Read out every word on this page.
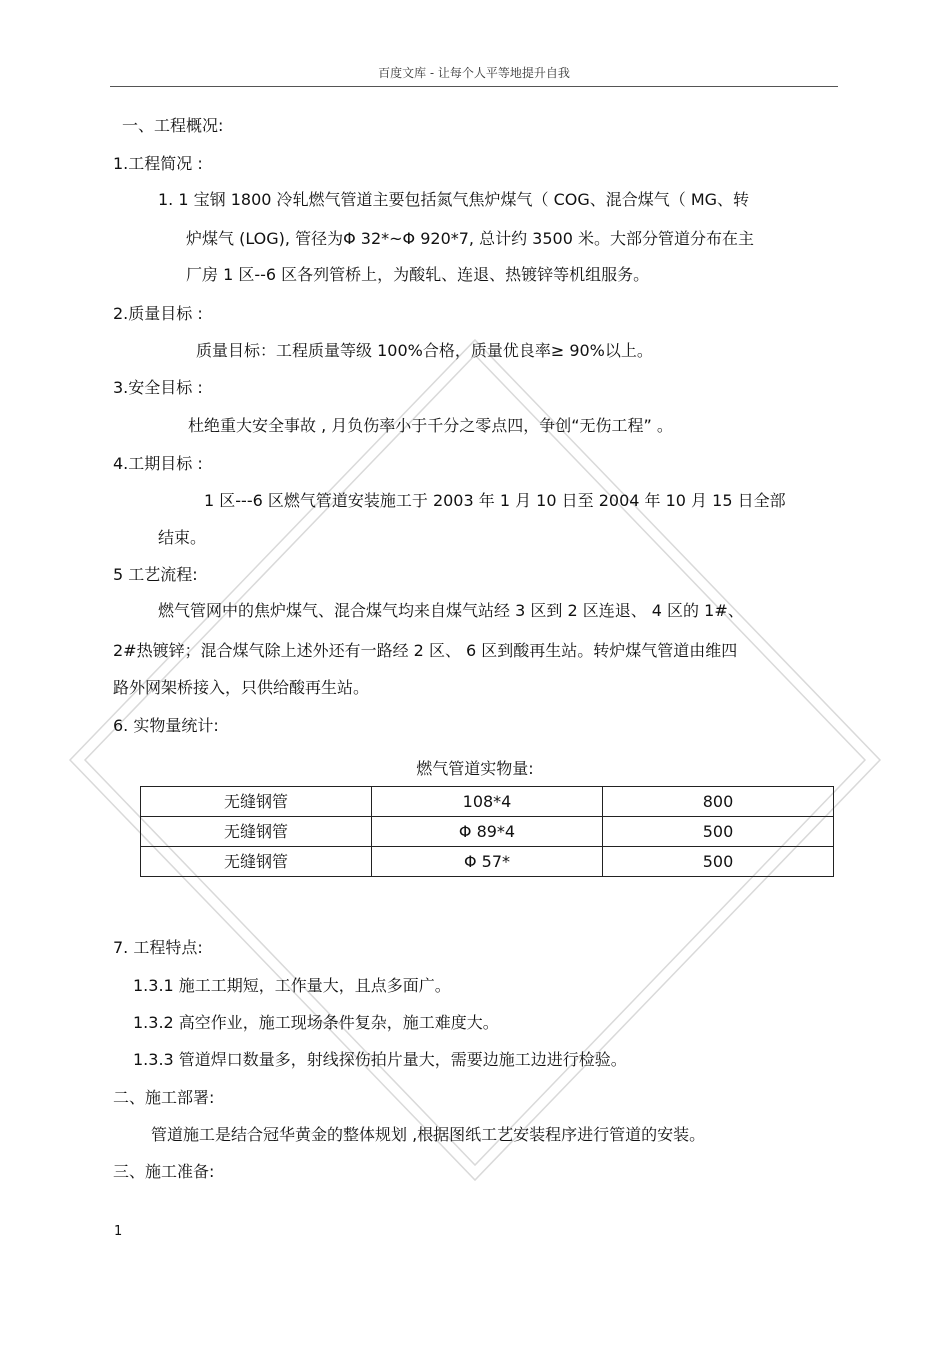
百度文库 - 让每个人平等地提升自我
一、工程概况:
1.工程简况 :
1. 1 宝钢 1800 冷轧燃气管道主要包括氮气焦炉煤气（ COG、混合煤气（ MG、转
炉煤气 (LOG), 管径为Φ 32*~Φ 920*7, 总计约 3500 米。大部分管道分布在主
厂房 1 区--6 区各列管桥上，为酸轧、连退、热镀锌等机组服务。
2.质量目标 :
质量目标：工程质量等级 100%合格，质量优良率≥ 90%以上。
3.安全目标 :
杜绝重大安全事故 , 月负伤率小于千分之零点四，争创“无伤工程” 。
4.工期目标 :
1 区---6 区燃气管道安装施工于 2003 年 1 月 10 日至 2004 年 10 月 15 日全部
结束。
5 工艺流程:
燃气管网中的焦炉煤气、混合煤气均来自煤气站经 3 区到 2 区连退、 4 区的 1#、
2#热镀锌；混合煤气除上述外还有一路经 2 区、 6 区到酸再生站。转炉煤气管道由维四
路外网架桥接入，只供给酸再生站。
6. 实物量统计:
燃气管道实物量:
无缝钢管	108*4	800
无缝钢管	Φ 89*4	500
无缝钢管	Φ 57*	500
7. 工程特点:
1.3.1 施工工期短，工作量大，且点多面广。
1.3.2 高空作业，施工现场条件复杂，施工难度大。
1.3.3 管道焊口数量多，射线探伤拍片量大，需要边施工边进行检验。
二、施工部署:
管道施工是结合冠华黄金的整体规划 ,根据图纸工艺安装程序进行管道的安装。
三、施工准备:
1
